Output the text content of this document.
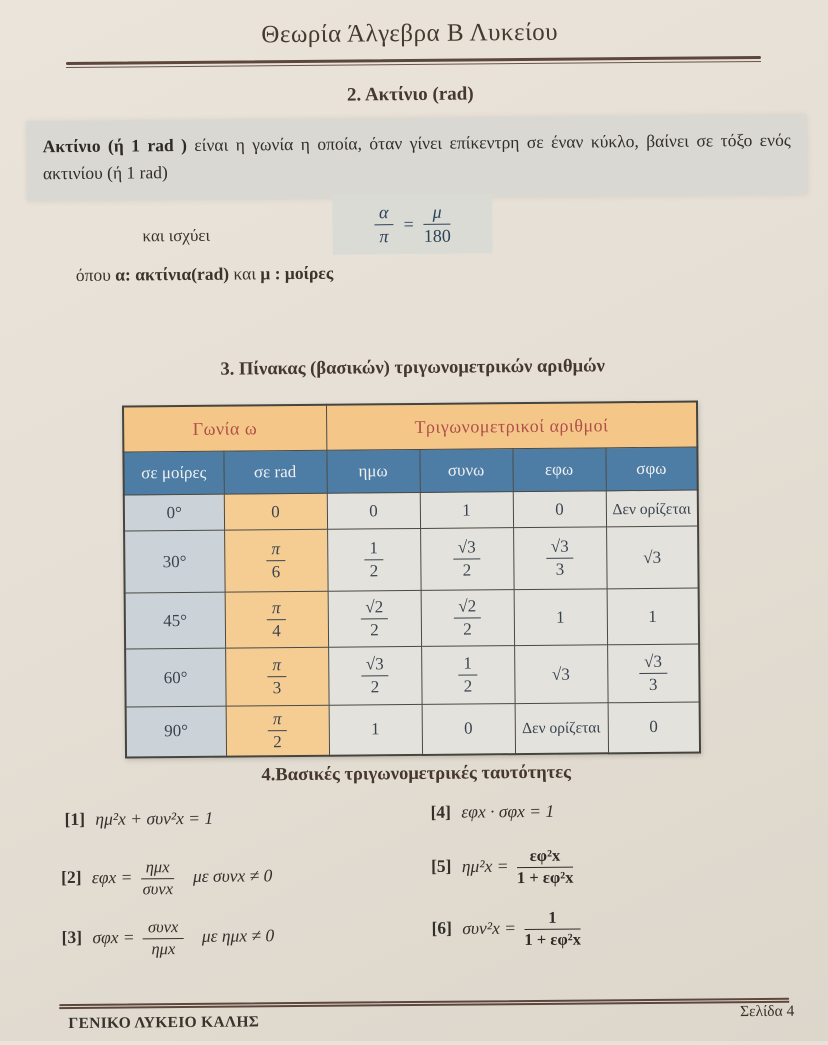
Θεωρία Άλγεβρα Β Λυκείου
2. Ακτίνιο (rad)
Ακτίνιο (ή 1 rad ) είναι η γωνία η οποία, όταν γίνει επίκεντρη σε έναν κύκλο, βαίνει σε τόξο ενός ακτινίου (ή 1 rad)
και ισχύει	$\frac{\alpha}{\pi} = \frac{\mu}{180}$
όπου α: ακτίνια(rad) και μ : μοίρες
3. Πίνακας (βασικών) τριγωνομετρικών αριθμών
Γωνία ω		Τριγωνομετρικοί αριθμοί			
σε μοίρες	σε rad	ημω	συνω	εφω	σφω
0°	0	0	1	0	Δεν ορίζεται
30°	$\frac{\pi}{6}$	$\frac{1}{2}$	$\frac{√3}{2}$	$\frac{√3}{3}$	√3
45°	$\frac{\pi}{4}$	$\frac{√2}{2}$	$\frac{√2}{2}$	1	1
60°	$\frac{\pi}{3}$	$\frac{√3}{2}$	$\frac{1}{2}$	√3	$\frac{√3}{3}$

90°	$\frac{\pi}{2}$	1	0	Δεν ορίζεται	0
4.Βασικές τριγωνομετρικές ταυτότητες
[1] ημ²x + συν²x = 1	[4] εφx · σφx = 1
[2] $\varepsilon\varphi x = \frac{\text{ημx}}{\text{συνx}}$ με συνx ≠ 0	[5] $\eta\mu^2x = \frac{\text{εφ²x}}{\text{1 + εφ²x}}$
[3] $\sigma\varphi x = \frac{\text{συνx}}{\text{ημx}}$ με ημx ≠ 0	[6] $\sigma\upsilon\nu^2x = \frac{1}{\text{1 + εφ²x}}$
ΓΕΝΙΚΟ ΛΥΚΕΙΟ ΚΑΛΗΣ
Σελίδα 4
